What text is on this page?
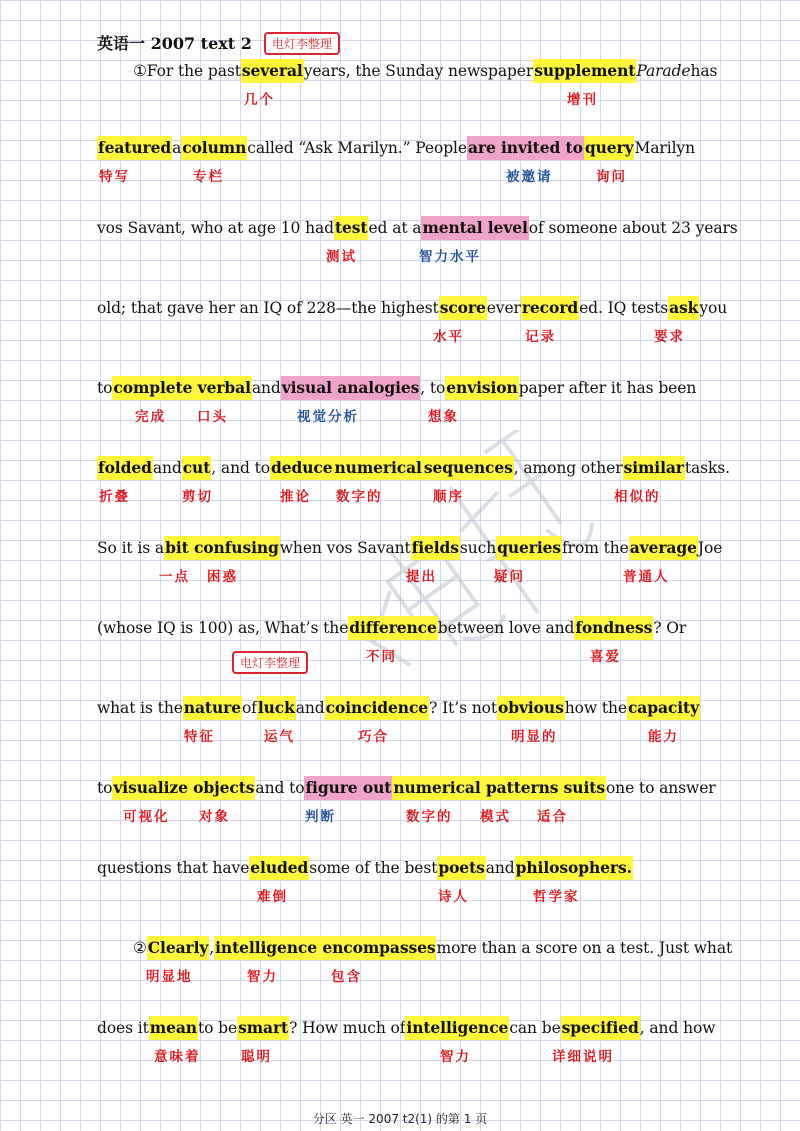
英语一 2007 text 2	电灯李整理
电灯李整理
①For the pastseveralyears, the Sunday newspapersupplementParadehas
几个	增刊
featuredacolumncalled “Ask Marilyn.” Peopleare invited to queryMarilyn
特写	专栏	被邀请	询问
vos Savant, who at age 10 hadtested at amental levelof someone about 23 years
测试	智力水平
old; that gave her an IQ of 228—the highestscoreeverrecorded. IQ testsaskyou
水平	记录	要求
tocomplete verbalandvisual analogies, toenvisionpaper after it has been
完成 口头	视觉分析	想象
foldedandcut, and todeduce numerical sequences, among othersimilartasks.
折叠	剪切	推论 数字的	顺序	相似的
So it is abit confusingwhen vos Savantfieldssuchqueriesfrom theaverageJoe
一点 困惑	提出	疑问	普通人
(whose IQ is 100) as, What’s thedifferencebetween love andfondness? Or
不同	喜爱
what is thenatureofluckandcoincidence? It’s notobvioushow thecapacity
特征	运气	巧合	明显的	能力
tovisualize objectsand tofigure out numerical patterns suitsone to answer
可视化 对象	判断	数字的 模式 适合
questions that haveeludedsome of the bestpoetsandphilosophers.
难倒	诗人	哲学家
②Clearly,intelligence encompassesmore than a score on a test. Just what
明显地	智力	包含
does itmeanto besmart? How much ofintelligencecan bespecified, and how
意味着	聪明	智力	详细说明
分区 英一 2007 t2(1) 的第 1 页
